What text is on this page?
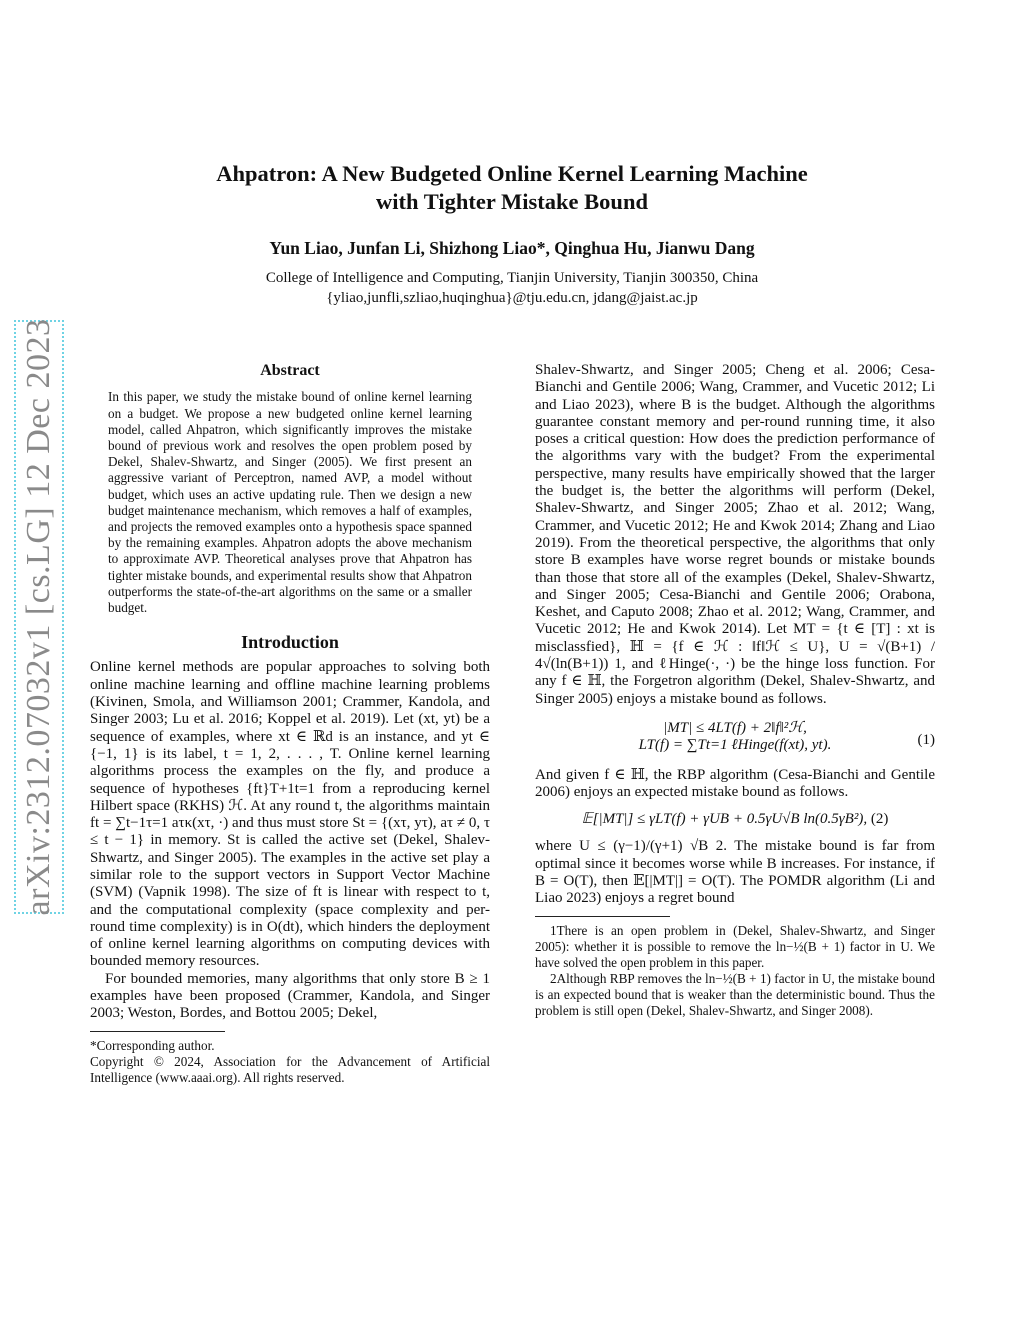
arXiv:2312.07032v1 [cs.LG] 12 Dec 2023
Ahpatron: A New Budgeted Online Kernel Learning Machine
with Tighter Mistake Bound
Yun Liao, Junfan Li, Shizhong Liao*, Qinghua Hu, Jianwu Dang
College of Intelligence and Computing, Tianjin University, Tianjin 300350, China
{yliao,junfli,szliao,huqinghua}@tju.edu.cn, jdang@jaist.ac.jp
Abstract

In this paper, we study the mistake bound of online kernel learning on a budget. We propose a new budgeted online kernel learning model, called Ahpatron, which significantly improves the mistake bound of previous work and resolves the open problem posed by Dekel, Shalev-Shwartz, and Singer (2005). We first present an aggressive variant of Perceptron, named AVP, a model without budget, which uses an active updating rule. Then we design a new budget maintenance mechanism, which removes a half of examples, and projects the removed examples onto a hypothesis space spanned by the remaining examples. Ahpatron adopts the above mechanism to approximate AVP. Theoretical analyses prove that Ahpatron has tighter mistake bounds, and experimental results show that Ahpatron outperforms the state-of-the-art algorithms on the same or a smaller budget.

Introduction

Online kernel methods are popular approaches to solving both online machine learning and offline machine learning problems (Kivinen, Smola, and Williamson 2001; Crammer, Kandola, and Singer 2003; Lu et al. 2016; Koppel et al. 2019). Let (xt, yt) be a sequence of examples, where xt ∈ ℝd is an instance, and yt ∈ {−1, 1} is its label, t = 1, 2, . . . , T. Online kernel learning algorithms process the examples on the fly, and produce a sequence of hypotheses {ft}T+1t=1 from a reproducing kernel Hilbert space (RKHS) ℋ. At any round t, the algorithms maintain ft = ∑t−1τ=1 aτκ(xτ, ·) and thus must store St = {(xτ, yτ), aτ ≠ 0, τ ≤ t − 1} in memory. St is called the active set (Dekel, Shalev-Shwartz, and Singer 2005). The examples in the active set play a similar role to the support vectors in Support Vector Machine (SVM) (Vapnik 1998). The size of ft is linear with respect to t, and the computational complexity (space complexity and per-round time complexity) is in O(dt), which hinders the deployment of online kernel learning algorithms on computing devices with bounded memory resources.

For bounded memories, many algorithms that only store B ≥ 1 examples have been proposed (Crammer, Kandola, and Singer 2003; Weston, Bordes, and Bottou 2005; Dekel,

*Corresponding author.

Copyright © 2024, Association for the Advancement of Artificial Intelligence (www.aaai.org). All rights reserved.

Shalev-Shwartz, and Singer 2005; Cheng et al. 2006; Cesa-Bianchi and Gentile 2006; Wang, Crammer, and Vucetic 2012; Li and Liao 2023), where B is the budget. Although the algorithms guarantee constant memory and per-round running time, it also poses a critical question: How does the prediction performance of the algorithms vary with the budget? From the experimental perspective, many results have empirically showed that the larger the budget is, the better the algorithms will perform (Dekel, Shalev-Shwartz, and Singer 2005; Zhao et al. 2012; Wang, Crammer, and Vucetic 2012; He and Kwok 2014; Zhang and Liao 2019). From the theoretical perspective, the algorithms that only store B examples have worse regret bounds or mistake bounds than those that store all of the examples (Dekel, Shalev-Shwartz, and Singer 2005; Cesa-Bianchi and Gentile 2006; Orabona, Keshet, and Caputo 2008; Zhao et al. 2012; Wang, Crammer, and Vucetic 2012; He and Kwok 2014). Let MT = {t ∈ [T] : xt is misclassfied}, ℍ = {f ∈ ℋ : ‖f‖ℋ ≤ U}, U = √(B+1) / 4√(ln(B+1)) 1, and ℓHinge(·, ·) be the hinge loss function. For any f ∈ ℍ, the Forgetron algorithm (Dekel, Shalev-Shwartz, and Singer 2005) enjoys a mistake bound as follows.

|MT| ≤ 4LT(f) + 2‖f‖²ℋ,
LT(f) = ∑Tt=1 ℓHinge(f(xt), yt).	(1)

And given f ∈ ℍ, the RBP algorithm (Cesa-Bianchi and Gentile 2006) enjoys an expected mistake bound as follows.

𝔼[|MT|] ≤ γLT(f) + γUB + 0.5γU√B ln(0.5γB²), (2)

where U ≤ (γ−1)/(γ+1) √B 2. The mistake bound is far from optimal since it becomes worse while B increases. For instance, if B = O(T), then 𝔼[|MT|] = O(T). The POMDR algorithm (Li and Liao 2023) enjoys a regret bound

1There is an open problem in (Dekel, Shalev-Shwartz, and Singer 2005): whether it is possible to remove the ln−½(B + 1) factor in U. We have solved the open problem in this paper.

2Although RBP removes the ln−½(B + 1) factor in U, the mistake bound is an expected bound that is weaker than the deterministic bound. Thus the problem is still open (Dekel, Shalev-Shwartz, and Singer 2008).
